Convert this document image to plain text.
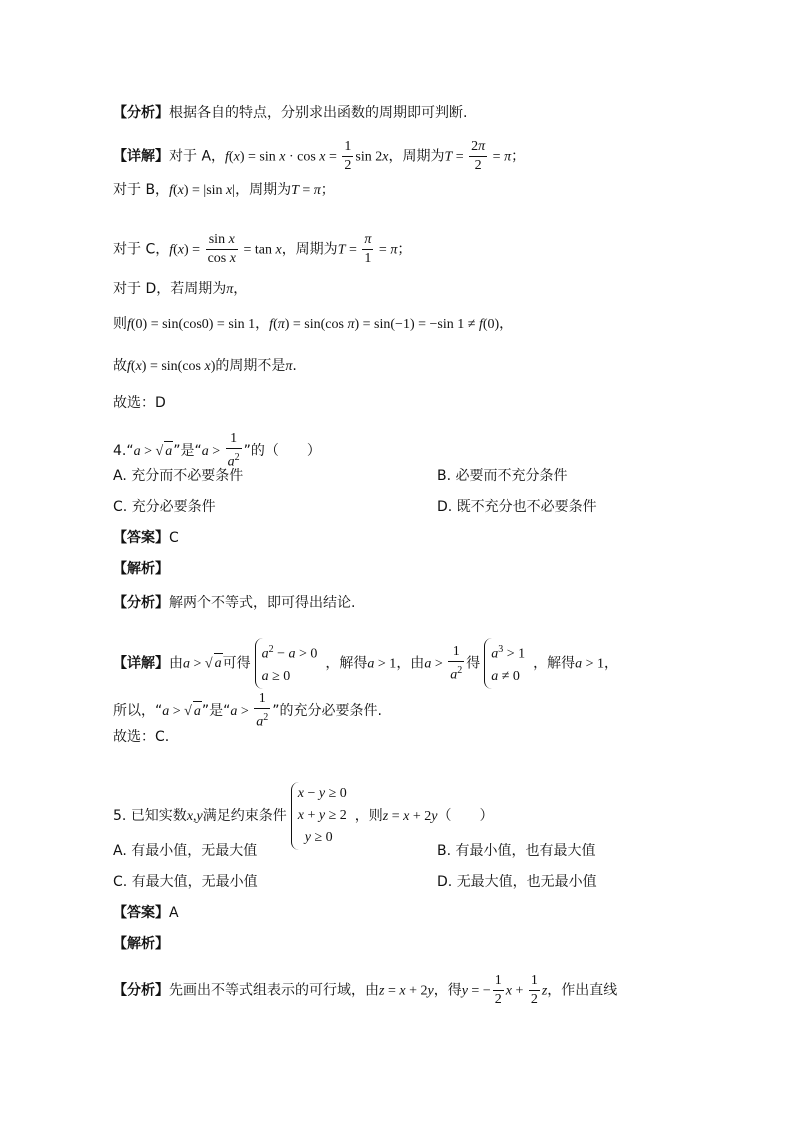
【分析】根据各自的特点，分别求出函数的周期即可判断.
【详解】对于 A，$f(x) = \sin x \cdot \cos x = \frac{1}{2}$ sin 2x，周期为$T = \frac{2\pi}{2} = \pi$；
对于 B，f(x) = |sin x|，周期为T = π；
对于 C，$f(x) = \frac{\text{sin x}}{\text{cos x}} = \tan x$，周期为$T = \frac{\pi}{1} = \pi$；
对于 D，若周期为π，
则f(0) = sin(cos0) = sin 1，f(π) = sin(cos π) = sin(−1) = −sin 1 ≠ f(0)，
故f(x) = sin(cos x)的周期不是π.
故选：D
4.“a > √ a”是“$a > \frac{1}{a^2}$ ”的（　　）
A. 充分而不必要条件	B. 必要而不充分条件
C. 充分必要条件	D. 既不充分也不必要条件
【答案】C
【解析】
【分析】解两个不等式，即可得出结论.
【详解】由a > √ a可得
$a^2 - a > 0$
a ≥ 0
，解得a > 1，由$a > \frac{1}{a^2}$ 得
$a^3 > 1$
a ≠ 0
，解得a > 1，
所以，“a > √ a”是“$a > \frac{1}{a^2}$ ”的充分必要条件.
故选：C.
5. 已知实数x,y满足约束条件
x − y ≥ 0
x + y ≥ 2
y ≥ 0
，则z = x + 2y（　　）
A. 有最小值，无最大值	B. 有最小值，也有最大值
C. 有最大值，无最小值	D. 无最大值，也无最小值
【答案】A
【解析】
【分析】先画出不等式组表示的可行域，由z = x + 2y，得y = − $\frac{1}{2}$ $x + \frac{1}{2}$ z，作出直线
